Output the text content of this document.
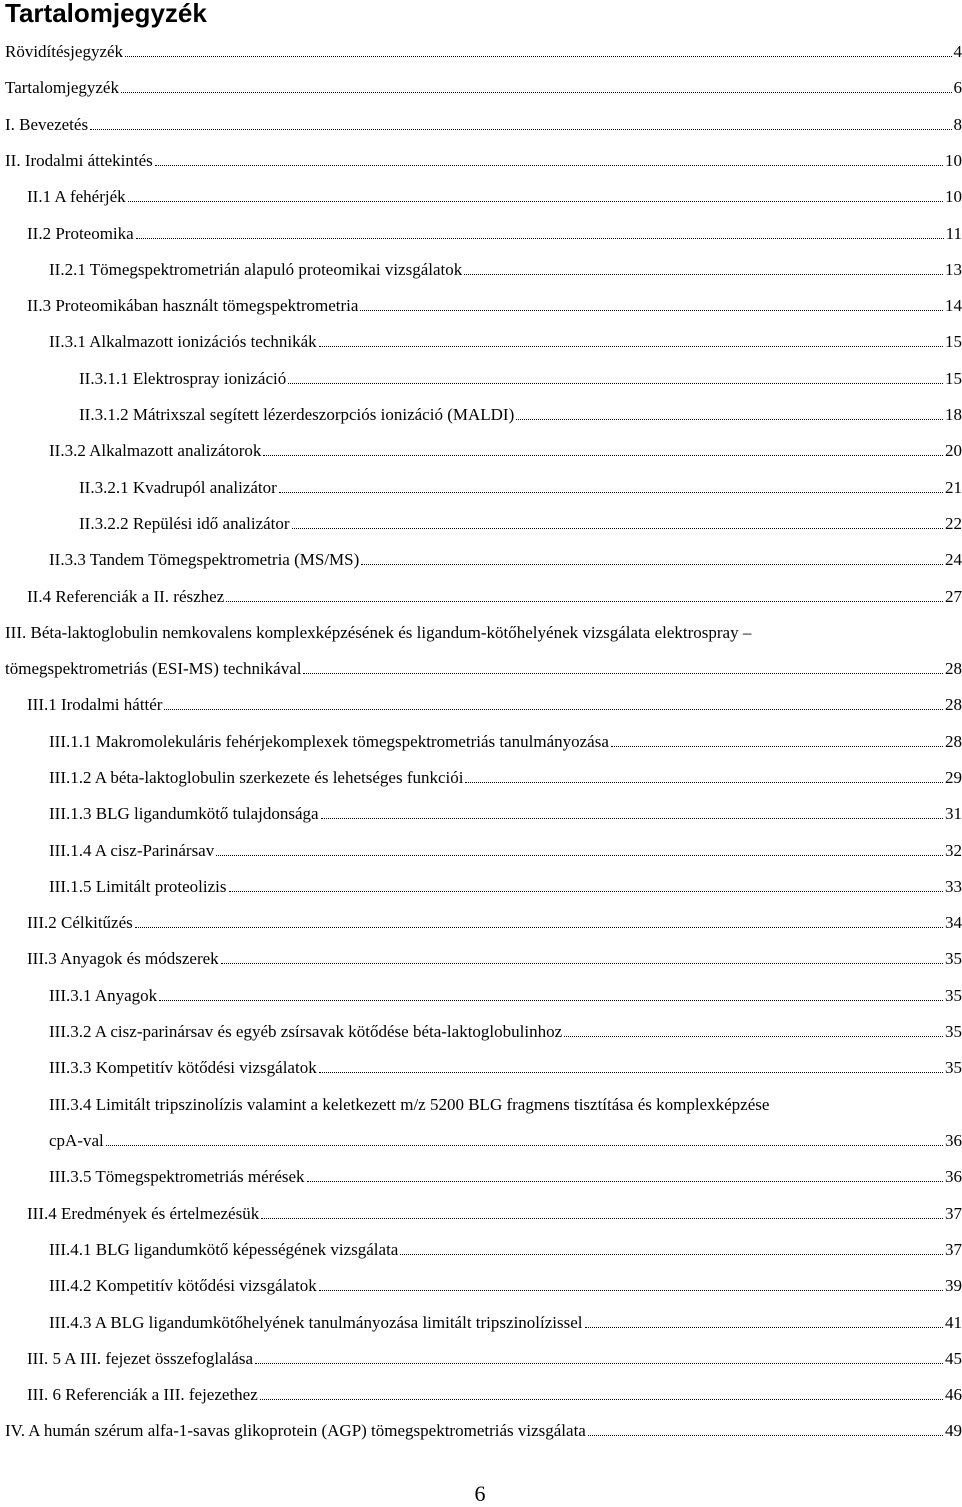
Tartalomjegyzék
Rövidítésjegyzék	4
Tartalomjegyzék	6
I. Bevezetés	8
II. Irodalmi áttekintés	10
II.1 A fehérjék	10
II.2 Proteomika	11
II.2.1 Tömegspektrometrián alapuló proteomikai vizsgálatok	13
II.3 Proteomikában használt tömegspektrometria	14
II.3.1 Alkalmazott ionizációs technikák	15
II.3.1.1 Elektrospray ionizáció	15
II.3.1.2 Mátrixszal segített lézerdeszorpciós ionizáció (MALDI)	18
II.3.2 Alkalmazott analizátorok	20
II.3.2.1 Kvadrupól analizátor	21
II.3.2.2 Repülési idő analizátor	22
II.3.3 Tandem Tömegspektrometria (MS/MS)	24
II.4 Referenciák a II. részhez	27
III. Béta-laktoglobulin nemkovalens komplexképzésének és ligandum-kötőhelyének vizsgálata elektrospray –
tömegspektrometriás (ESI-MS) technikával	28
III.1 Irodalmi háttér	28
III.1.1 Makromolekuláris fehérjekomplexek tömegspektrometriás tanulmányozása	28
III.1.2 A béta-laktoglobulin szerkezete és lehetséges funkciói	29
III.1.3 BLG ligandumkötő tulajdonsága	31
III.1.4 A cisz-Parinársav	32
III.1.5 Limitált proteolizis	33
III.2 Célkitűzés	34
III.3 Anyagok és módszerek	35
III.3.1 Anyagok	35
III.3.2 A cisz-parinársav és egyéb zsírsavak kötődése béta-laktoglobulinhoz	35
III.3.3 Kompetitív kötődési vizsgálatok	35
III.3.4 Limitált tripszinolízis valamint a keletkezett m/z 5200 BLG fragmens tisztítása és komplexképzése
cpA-val	36
III.3.5 Tömegspektrometriás mérések	36
III.4 Eredmények és értelmezésük	37
III.4.1 BLG ligandumkötő képességének vizsgálata	37
III.4.2 Kompetitív kötődési vizsgálatok	39
III.4.3 A BLG ligandumkötőhelyének tanulmányozása limitált tripszinolízissel	41
III. 5 A III. fejezet összefoglalása	45
III. 6 Referenciák a III. fejezethez	46
IV. A humán szérum alfa-1-savas glikoprotein (AGP) tömegspektrometriás vizsgálata	49
6
